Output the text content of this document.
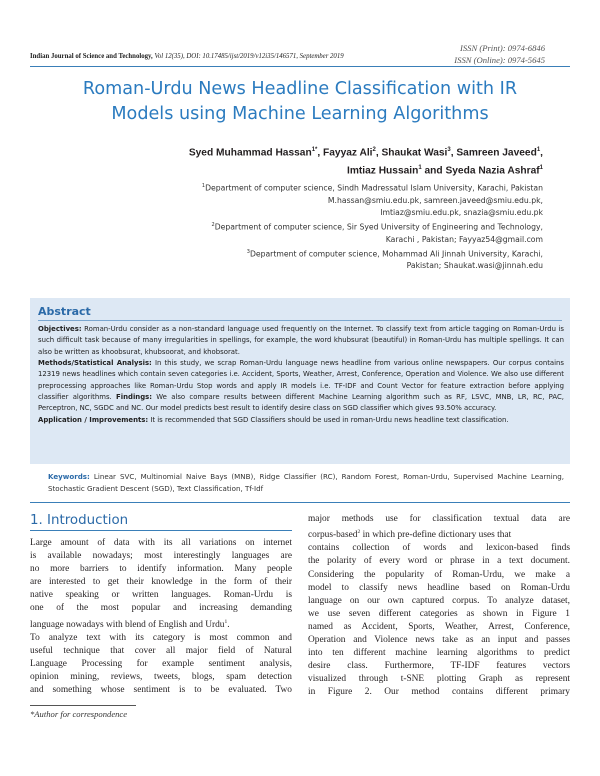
ISSN (Print): 0974-6846
ISSN (Online): 0974-5645
Indian Journal of Science and Technology, Vol 12(35), DOI: 10.17485/ijst/2019/v12i35/146571, September 2019
Roman-Urdu News Headline Classification with IR
Models using Machine Learning Algorithms
Syed Muhammad Hassan$^{1*}$, Fayyaz Ali$^2$, Shaukat Wasi$^3$, Samreen Javeed$^1$,
Imtiaz Hussain$^1$ and Syeda Nazia Ashraf$^1$
$^1$Department of computer science, Sindh Madressatul Islam University, Karachi, Pakistan
M.hassan@smiu.edu.pk, samreen.javeed@smiu.edu.pk,
Imtiaz@smiu.edu.pk, snazia@smiu.edu.pk
$^2$Department of computer science, Sir Syed University of Engineering and Technology,
Karachi , Pakistan; Fayyaz54@gmail.com
$^3$Department of computer science, Mohammad Ali Jinnah University, Karachi,
Pakistan; Shaukat.wasi@jinnah.edu
Abstract
Objectives: Roman-Urdu consider as a non-standard language used frequently on the Internet. To classify text from article tagging on Roman-Urdu is such difficult task because of many irregularities in spellings, for example, the word khubsurat (beautiful) in Roman-Urdu has multiple spellings. It can also be written as khoobsurat, khubsoorat, and khobsorat.
Methods/Statistical Analysis: In this study, we scrap Roman-Urdu language news headline from various online newspapers. Our corpus contains 12319 news headlines which contain seven categories i.e. Accident, Sports, Weather, Arrest, Conference, Operation and Violence. We also use different preprocessing approaches like Roman-Urdu Stop words and apply IR models i.e. TF-IDF and Count Vector for feature extraction before applying classifier algorithms. Findings: We also compare results between different Machine Learning algorithm such as RF, LSVC, MNB, LR, RC, PAC, Perceptron, NC, SGDC and NC. Our model predicts best result to identify desire class on SGD classifier which gives 93.50% accuracy.
Application / Improvements: It is recommended that SGD Classifiers should be used in roman-Urdu news headline text classification.
Keywords: Linear SVC, Multinomial Naive Bays (MNB), Ridge Classifier (RC), Random Forest, Roman-Urdu, Supervised Machine Learning, Stochastic Gradient Descent (SGD), Text Classification, Tf-Idf
1. Introduction
Large amount of data with its all variations on internet
is available nowadays; most interestingly languages are
no more barriers to identify information. Many people
are interested to get their knowledge in the form of their
native speaking or written languages. Roman-Urdu is
one of the most popular and increasing demanding
language nowadays with blend of English and Urdu$^1$.
To analyze text with its category is most common and
useful technique that cover all major field of Natural
Language Processing for example sentiment analysis,
opinion mining, reviews, tweets, blogs, spam detection
and something whose sentiment is to be evaluated. Two
major methods use for classification textual data are
corpus-based$^2$ in which pre-define dictionary uses that
contains collection of words and lexicon-based finds
the polarity of every word or phrase in a text document.
Considering the popularity of Roman-Urdu, we make a
model to classify news headline based on Roman-Urdu
language on our own captured corpus. To analyze dataset,
we use seven different categories as shown in Figure 1
named as Accident, Sports, Weather, Arrest, Conference,
Operation and Violence news take as an input and passes
into ten different machine learning algorithms to predict
desire class. Furthermore, TF-IDF features vectors
visualized through t-SNE plotting Graph as represent
in Figure 2. Our method contains different primary
*Author for correspondence
